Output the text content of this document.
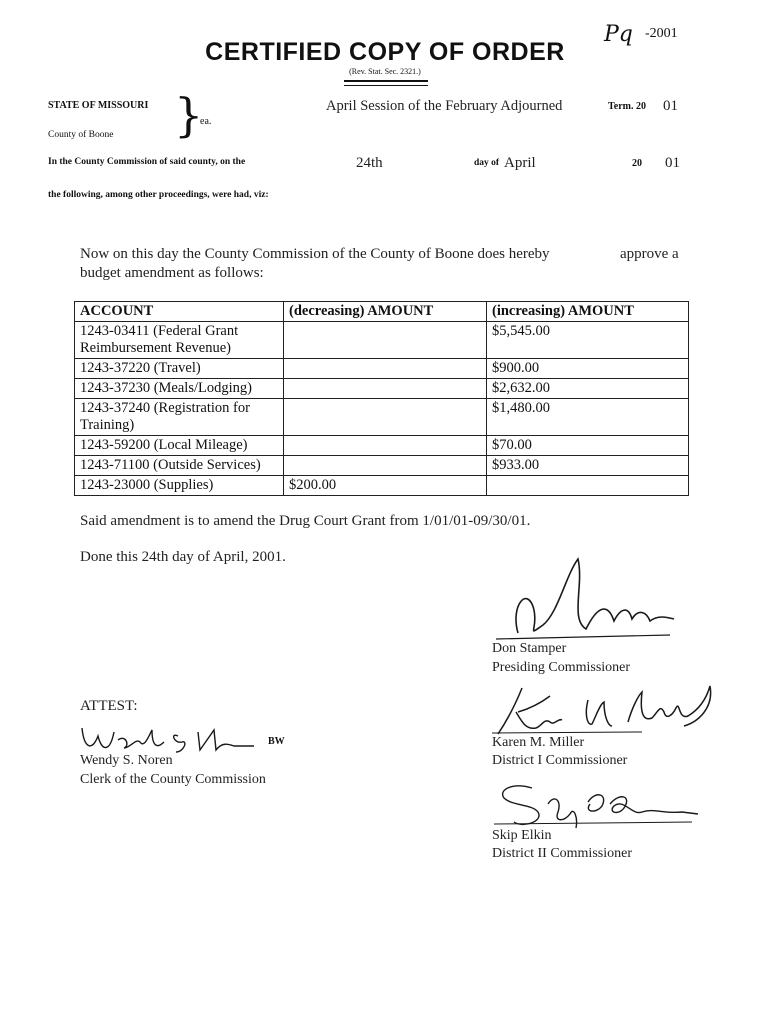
Pq -2001
CERTIFIED COPY OF ORDER
(Rev. Stat. Sec. 2321.)
STATE OF MISSOURI
County of Boone }
ea.
April Session of the February Adjourned	Term. 20 01
In the County Commission of said county, on the	24th	day of April	20 01
the following, among other proceedings, were had, viz:
Now on this day the County Commission of the County of Boone does hereby	approve a
budget amendment as follows:
ACCOUNT	(decreasing) AMOUNT	(increasing) AMOUNT
1243-03411 (Federal Grant Reimbursement Revenue)		$5,545.00
1243-37220 (Travel)		$900.00
1243-37230 (Meals/Lodging)		$2,632.00
1243-37240 (Registration for Training)		$1,480.00
1243-59200 (Local Mileage)		$70.00
1243-71100 (Outside Services)		$933.00
1243-23000 (Supplies)	$200.00	
Said amendment is to amend the Drug Court Grant from 1/01/01-09/30/01.
Done this 24th day of April, 2001.
Don Stamper
Presiding Commissioner
ATTEST:
BW
Wendy S. Noren
Clerk of the County Commission
Karen M. Miller
District I Commissioner
Skip Elkin
District II Commissioner
